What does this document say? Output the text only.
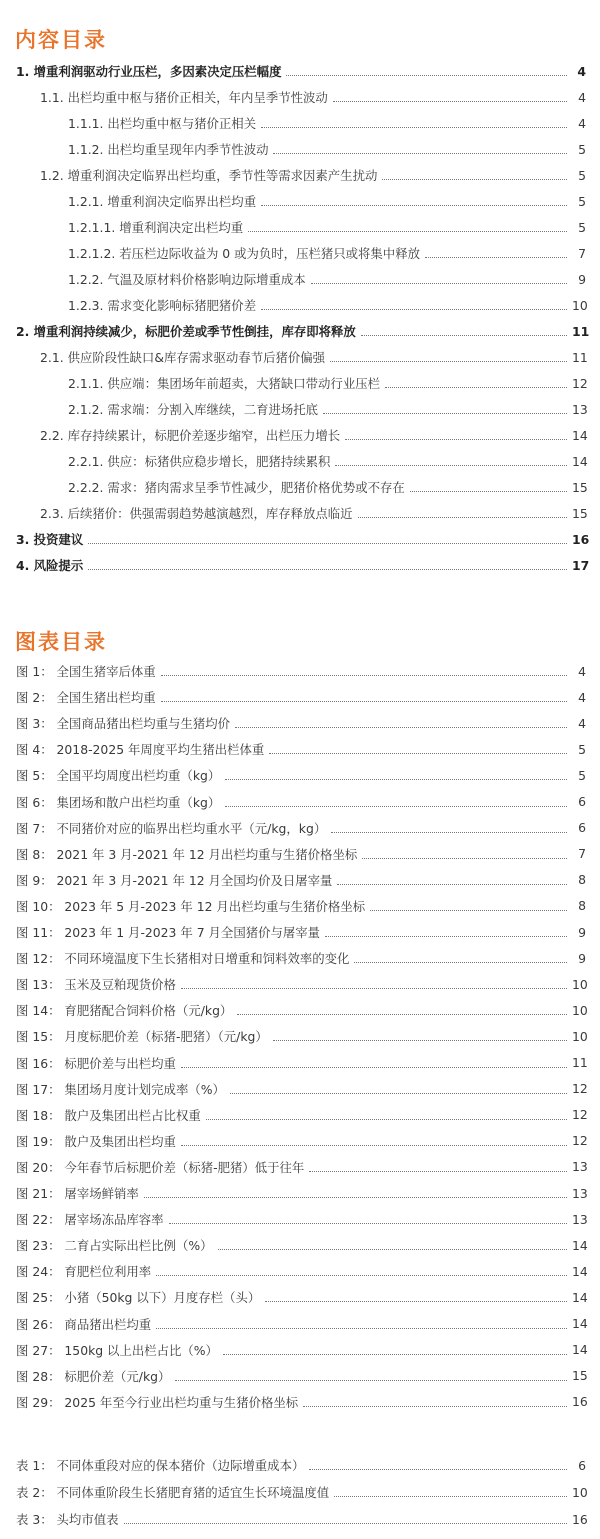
内容目录
1. 增重利润驱动行业压栏，多因素决定压栏幅度	4
1.1. 出栏均重中枢与猪价正相关，年内呈季节性波动	4
1.1.1. 出栏均重中枢与猪价正相关	4
1.1.2. 出栏均重呈现年内季节性波动	5
1.2. 增重利润决定临界出栏均重，季节性等需求因素产生扰动	5
1.2.1. 增重利润决定临界出栏均重	5
1.2.1.1. 增重利润决定出栏均重	5
1.2.1.2. 若压栏边际收益为 0 或为负时，压栏猪只或将集中释放	7
1.2.2. 气温及原材料价格影响边际增重成本	9
1.2.3. 需求变化影响标猪肥猪价差	10
2. 增重利润持续减少，标肥价差或季节性倒挂，库存即将释放	11
2.1. 供应阶段性缺口&库存需求驱动春节后猪价偏强	11
2.1.1. 供应端：集团场年前超卖，大猪缺口带动行业压栏	12
2.1.2. 需求端：分割入库继续，二育进场托底	13
2.2. 库存持续累计，标肥价差逐步缩窄，出栏压力增长	14
2.2.1. 供应：标猪供应稳步增长，肥猪持续累积	14
2.2.2. 需求：猪肉需求呈季节性减少，肥猪价格优势或不存在	15
2.3. 后续猪价：供强需弱趋势越演越烈，库存释放点临近	15
3. 投资建议	16
4. 风险提示	17
图表目录
图 1： 全国生猪宰后体重	4
图 2： 全国生猪出栏均重	4
图 3： 全国商品猪出栏均重与生猪均价	4
图 4： 2018-2025 年周度平均生猪出栏体重	5
图 5： 全国平均周度出栏均重（kg）	5
图 6： 集团场和散户出栏均重（kg）	6
图 7： 不同猪价对应的临界出栏均重水平（元/kg，kg）	6
图 8： 2021 年 3 月-2021 年 12 月出栏均重与生猪价格坐标	7
图 9： 2021 年 3 月-2021 年 12 月全国均价及日屠宰量	8
图 10： 2023 年 5 月-2023 年 12 月出栏均重与生猪价格坐标	8
图 11： 2023 年 1 月-2023 年 7 月全国猪价与屠宰量	9
图 12： 不同环境温度下生长猪相对日增重和饲料效率的变化	9
图 13： 玉米及豆粕现货价格	10
图 14： 育肥猪配合饲料价格（元/kg）	10
图 15： 月度标肥价差（标猪-肥猪）（元/kg）	10
图 16： 标肥价差与出栏均重	11
图 17： 集团场月度计划完成率（%）	12
图 18： 散户及集团出栏占比权重	12
图 19： 散户及集团出栏均重	12
图 20： 今年春节后标肥价差（标猪-肥猪）低于往年	13
图 21： 屠宰场鲜销率	13
图 22： 屠宰场冻品库容率	13
图 23： 二育占实际出栏比例（%）	14
图 24： 育肥栏位利用率	14
图 25： 小猪（50kg 以下）月度存栏（头）	14
图 26： 商品猪出栏均重	14
图 27： 150kg 以上出栏占比（%）	14
图 28： 标肥价差（元/kg）	15
图 29： 2025 年至今行业出栏均重与生猪价格坐标	16
表 1： 不同体重段对应的保本猪价（边际增重成本）	6
表 2： 不同体重阶段生长猪肥育猪的适宜生长环境温度值	10
表 3： 头均市值表	16
